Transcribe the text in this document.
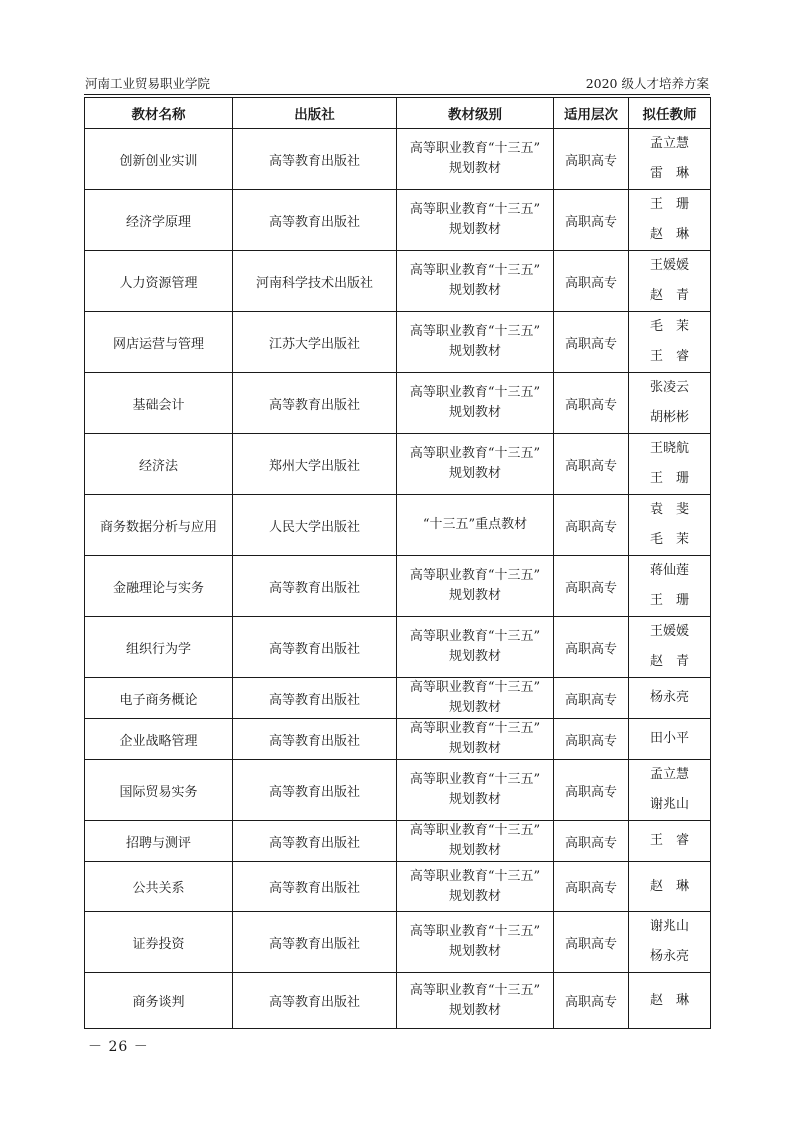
河南工业贸易职业学院	2020 级人才培养方案
教材名称	出版社	教材级别	适用层次	拟任教师
创新创业实训	高等教育出版社	高等职业教育“十三五”
规划教材	高职高专	孟立慧
雷　琳

经济学原理	高等教育出版社	高等职业教育“十三五”
规划教材	高职高专	王　珊
赵　琳

人力资源管理	河南科学技术出版社	高等职业教育“十三五”
规划教材	高职高专	王媛媛
赵　青

网店运营与管理	江苏大学出版社	高等职业教育“十三五”
规划教材	高职高专	毛　茉
王　睿

基础会计	高等教育出版社	高等职业教育“十三五”
规划教材	高职高专	张凌云
胡彬彬

经济法	郑州大学出版社	高等职业教育“十三五”
规划教材	高职高专	王晓航
王　珊

商务数据分析与应用	人民大学出版社	“十三五”重点教材	高职高专	袁　斐
毛　茉

金融理论与实务	高等教育出版社	高等职业教育“十三五”
规划教材	高职高专	蒋仙莲
王　珊

组织行为学	高等教育出版社	高等职业教育“十三五”
规划教材	高职高专	王媛媛
赵　青

电子商务概论	高等教育出版社	高等职业教育“十三五”
规划教材	高职高专	杨永亮

企业战略管理	高等教育出版社	高等职业教育“十三五”
规划教材	高职高专	田小平

国际贸易实务	高等教育出版社	高等职业教育“十三五”
规划教材	高职高专	孟立慧
谢兆山

招聘与测评	高等教育出版社	高等职业教育“十三五”
规划教材	高职高专	王　睿

公共关系	高等教育出版社	高等职业教育“十三五”
规划教材	高职高专	赵　琳

证券投资	高等教育出版社	高等职业教育“十三五”
规划教材	高职高专	谢兆山
杨永亮

商务谈判	高等教育出版社	高等职业教育“十三五”
规划教材	高职高专	赵　琳
－ 26 －
